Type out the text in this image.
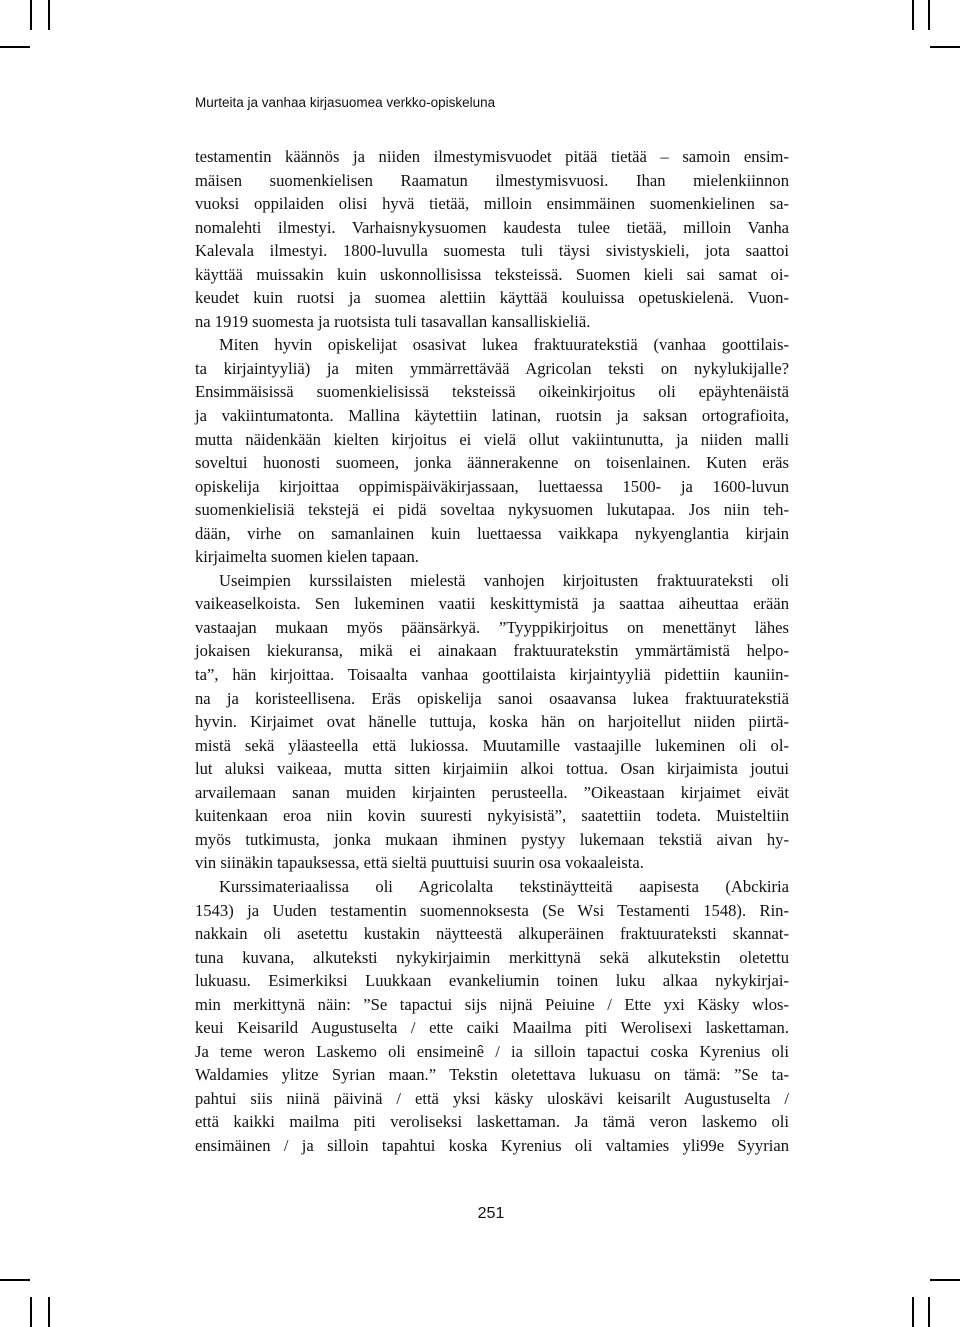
Murteita ja vanhaa kirjasuomea verkko-opiskeluna

testamentin käännös ja niiden ilmestymisvuodet pitää tietää – samoin ensim-

mäisen suomenkielisen Raamatun ilmestymisvuosi. Ihan mielenkiinnon

vuoksi oppilaiden olisi hyvä tietää, milloin ensimmäinen suomenkielinen sa-

nomalehti ilmestyi. Varhaisnykysuomen kaudesta tulee tietää, milloin Vanha

Kalevala ilmestyi. 1800-luvulla suomesta tuli täysi sivistyskieli, jota saattoi

käyttää muissakin kuin uskonnollisissa teksteissä. Suomen kieli sai samat oi-

keudet kuin ruotsi ja suomea alettiin käyttää kouluissa opetuskielenä. Vuon-

na 1919 suomesta ja ruotsista tuli tasavallan kansalliskieliä.

Miten hyvin opiskelijat osasivat lukea fraktuuratekstiä (vanhaa goottilais-

ta kirjaintyyliä) ja miten ymmärrettävää Agricolan teksti on nykylukijalle?

Ensimmäisissä suomenkielisissä teksteissä oikeinkirjoitus oli epäyhtenäistä

ja vakiintumatonta. Mallina käytettiin latinan, ruotsin ja saksan ortografioita,

mutta näidenkään kielten kirjoitus ei vielä ollut vakiintunutta, ja niiden malli

soveltui huonosti suomeen, jonka äännerakenne on toisenlainen. Kuten eräs

opiskelija kirjoittaa oppimispäiväkirjassaan, luettaessa 1500- ja 1600-luvun

suomenkielisiä tekstejä ei pidä soveltaa nykysuomen lukutapaa. Jos niin teh-

dään, virhe on samanlainen kuin luettaessa vaikkapa nykyenglantia kirjain

kirjaimelta suomen kielen tapaan.

Useimpien kurssilaisten mielestä vanhojen kirjoitusten fraktuurateksti oli

vaikeaselkoista. Sen lukeminen vaatii keskittymistä ja saattaa aiheuttaa erään

vastaajan mukaan myös päänsärkyä. ”Tyyppikirjoitus on menettänyt lähes

jokaisen kiekuransa, mikä ei ainakaan fraktuuratekstin ymmärtämistä helpo-

ta”, hän kirjoittaa. Toisaalta vanhaa goottilaista kirjaintyyliä pidettiin kauniin-

na ja koristeellisena. Eräs opiskelija sanoi osaavansa lukea fraktuuratekstiä

hyvin. Kirjaimet ovat hänelle tuttuja, koska hän on harjoitellut niiden piirtä-

mistä sekä yläasteella että lukiossa. Muutamille vastaajille lukeminen oli ol-

lut aluksi vaikeaa, mutta sitten kirjaimiin alkoi tottua. Osan kirjaimista joutui

arvailemaan sanan muiden kirjainten perusteella. ”Oikeastaan kirjaimet eivät

kuitenkaan eroa niin kovin suuresti nykyisistä”, saatettiin todeta. Muisteltiin

myös tutkimusta, jonka mukaan ihminen pystyy lukemaan tekstiä aivan hy-

vin siinäkin tapauksessa, että sieltä puuttuisi suurin osa vokaaleista.

Kurssimateriaalissa oli Agricolalta tekstinäytteitä aapisesta (Abckiria

1543) ja Uuden testamentin suomennoksesta (Se Wsi Testamenti 1548). Rin-

nakkain oli asetettu kustakin näytteestä alkuperäinen fraktuurateksti skannat-

tuna kuvana, alkuteksti nykykirjaimin merkittynä sekä alkutekstin oletettu

lukuasu. Esimerkiksi Luukkaan evankeliumin toinen luku alkaa nykykirjai-

min merkittynä näin: ”Se tapactui sijs nijnä Peiuine / Ette yxi Käsky wlos-

keui Keisarild Augustuselta / ette caiki Maailma piti Werolisexi laskettaman.

Ja teme weron Laskemo oli ensimeinê / ia silloin tapactui coska Kyrenius oli

Waldamies ylitze Syrian maan.” Tekstin oletettava lukuasu on tämä: ”Se ta-

pahtui siis niinä päivinä / että yksi käsky uloskävi keisarilt Augustuselta /

että kaikki mailma piti veroliseksi laskettaman. Ja tämä veron laskemo oli

ensimäinen / ja silloin tapahtui koska Kyrenius oli valtamies yli99e Syyrian

251
